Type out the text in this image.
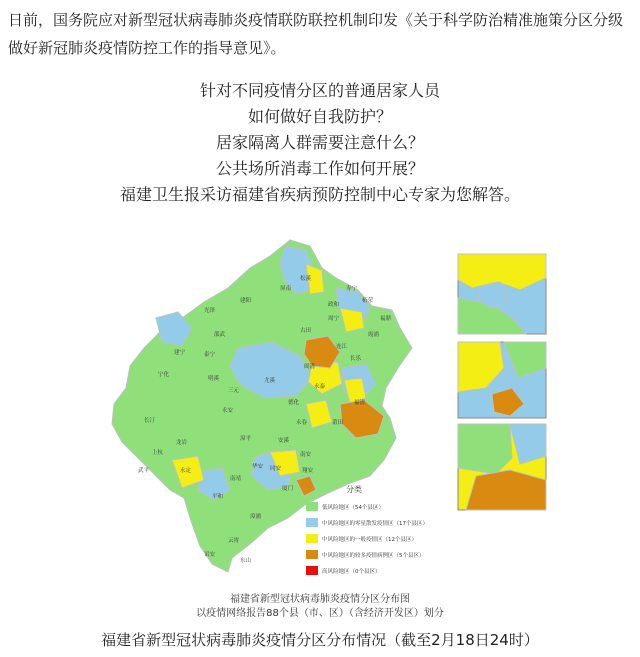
日前，国务院应对新型冠状病毒肺炎疫情联防联控机制印发《关于科学防治精准施策分区分级做好新冠肺炎疫情防控工作的指导意见》。
针对不同疫情分区的普通居家人员
如何做好自我防护？
居家隔离人群需要注意什么？
公共场所消毒工作如何开展？
福建卫生报采访福建省疾病预防控制中心专家为您解答。
光泽
邵武
建阳
松溪
政和
柘荣
寿宁
福鼎
建宁	泰宁
周宁
霞浦
宁化
明溪
古田
闽清
连江
永安
三元
尤溪
永泰
长乐
龙岩
德化
莆田
福清
漳平
南安
安溪
永春
上杭
长汀
华安
漳浦
云霄
平和
诏安
东山
武平	永定
南靖
同安	翔安
厦门
屏南
分类
低风险地区（54个县区）
中风险地区的零星散发疫情区（17个县区）
中风险地区的一般疫情区（12个县区）
中风险地区的较多疫情病例区（5个县区）
高风险地区（0个县区）
福建省新型冠状病毒肺炎疫情分区分布图
以疫情网络报告88个县（市、区）（含经济开发区）划分
福建省新型冠状病毒肺炎疫情分区分布情况（截至2月18日24时）
